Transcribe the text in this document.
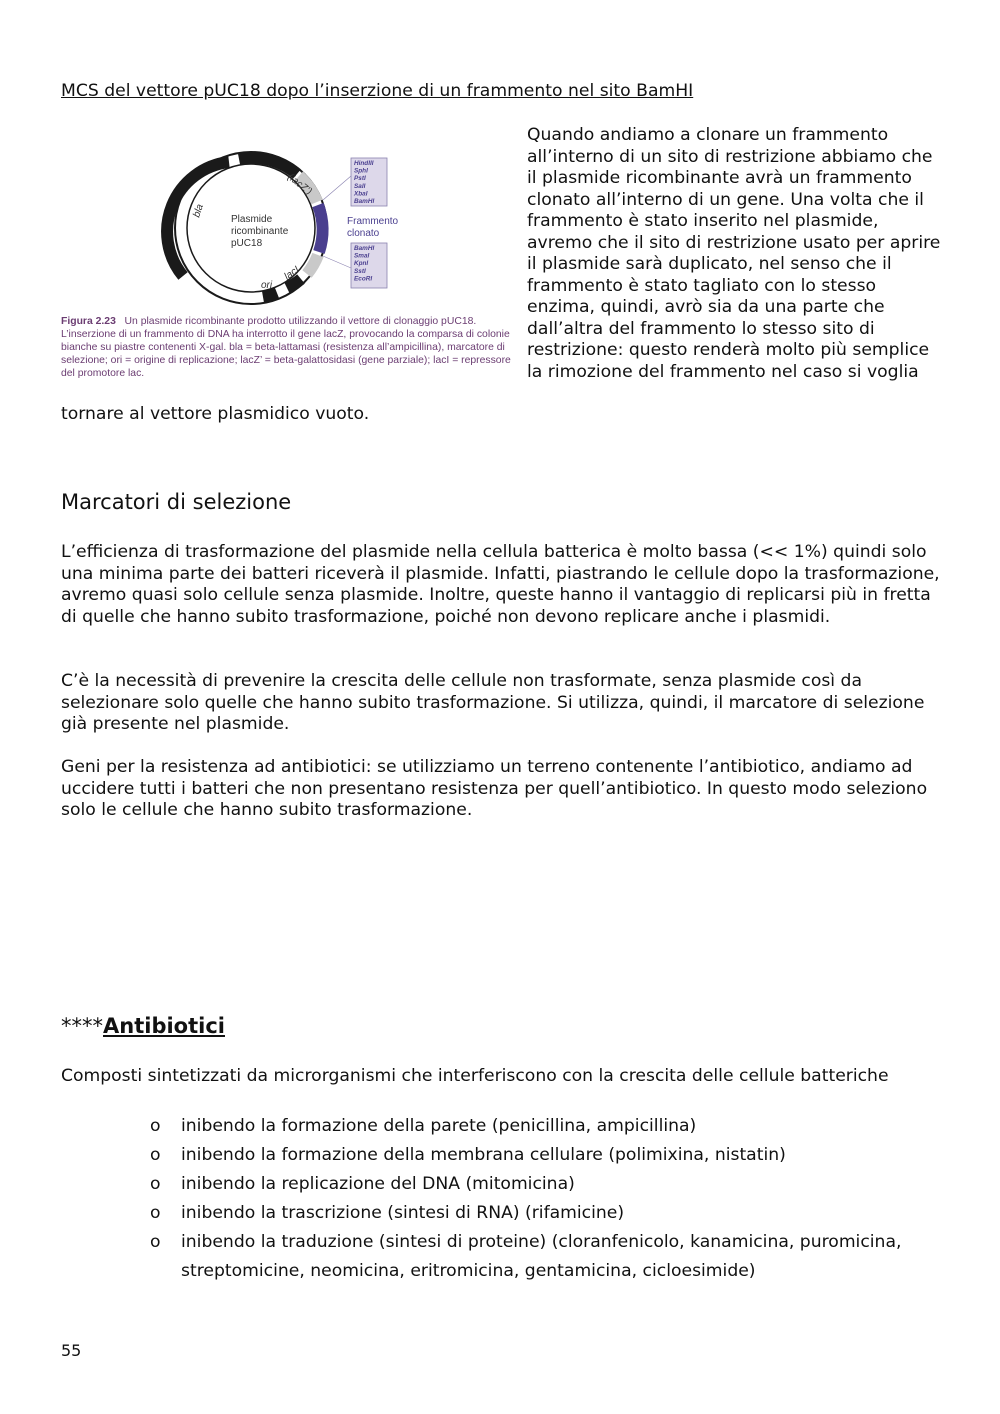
MCS del vettore pUC18 dopo l’inserzione di un frammento nel sito BamHI
Plasmide
ricombinante
pUC18
bla
(lacZ’)
ori
lacI
Frammento
clonato
HindIII
SphI
PstI
SalI
XbaI
BamHI
BamHI
SmaI
KpnI
SstI
EcoRI
Figura 2.23 Un plasmide ricombinante prodotto utilizzando il vettore di clonaggio pUC18. L’inserzione di un frammento di DNA ha interrotto il gene lacZ, provocando la comparsa di colonie bianche su piastre contenenti X-gal. bla = beta-lattamasi (resistenza all’ampicillina), marcatore di selezione; ori = origine di replicazione; lacZ’ = beta-galattosidasi (gene parziale); lacI = repressore del promotore lac.
Quando andiamo a clonare un frammento all’interno di un sito di restrizione abbiamo che il plasmide ricombinante avrà un frammento clonato all’interno di un gene. Una volta che il frammento è stato inserito nel plasmide, avremo che il sito di restrizione usato per aprire il plasmide sarà duplicato, nel senso che il frammento è stato tagliato con lo stesso enzima, quindi, avrò sia da una parte che dall’altra del frammento lo stesso sito di restrizione: questo renderà molto più semplice la rimozione del frammento nel caso si voglia
tornare al vettore plasmidico vuoto.
Marcatori di selezione
L’efficienza di trasformazione del plasmide nella cellula batterica è molto bassa (<< 1%) quindi solo una minima parte dei batteri riceverà il plasmide. Infatti, piastrando le cellule dopo la trasformazione, avremo quasi solo cellule senza plasmide. Inoltre, queste hanno il vantaggio di replicarsi più in fretta di quelle che hanno subito trasformazione, poiché non devono replicare anche i plasmidi.
C’è la necessità di prevenire la crescita delle cellule non trasformate, senza plasmide così da selezionare solo quelle che hanno subito trasformazione. Si utilizza, quindi, il marcatore di selezione già presente nel plasmide.
Geni per la resistenza ad antibiotici: se utilizziamo un terreno contenente l’antibiotico, andiamo ad uccidere tutti i batteri che non presentano resistenza per quell’antibiotico. In questo modo seleziono solo le cellule che hanno subito trasformazione.
****Antibiotici
Composti sintetizzati da microrganismi che interferiscono con la crescita delle cellule batteriche
o inibendo la formazione della parete (penicillina, ampicillina)
o inibendo la formazione della membrana cellulare (polimixina, nistatin)
o inibendo la replicazione del DNA (mitomicina)
o inibendo la trascrizione (sintesi di RNA) (rifamicine)
o inibendo la traduzione (sintesi di proteine) (cloranfenicolo, kanamicina, puromicina, streptomicine, neomicina, eritromicina, gentamicina, cicloesimide)
55
